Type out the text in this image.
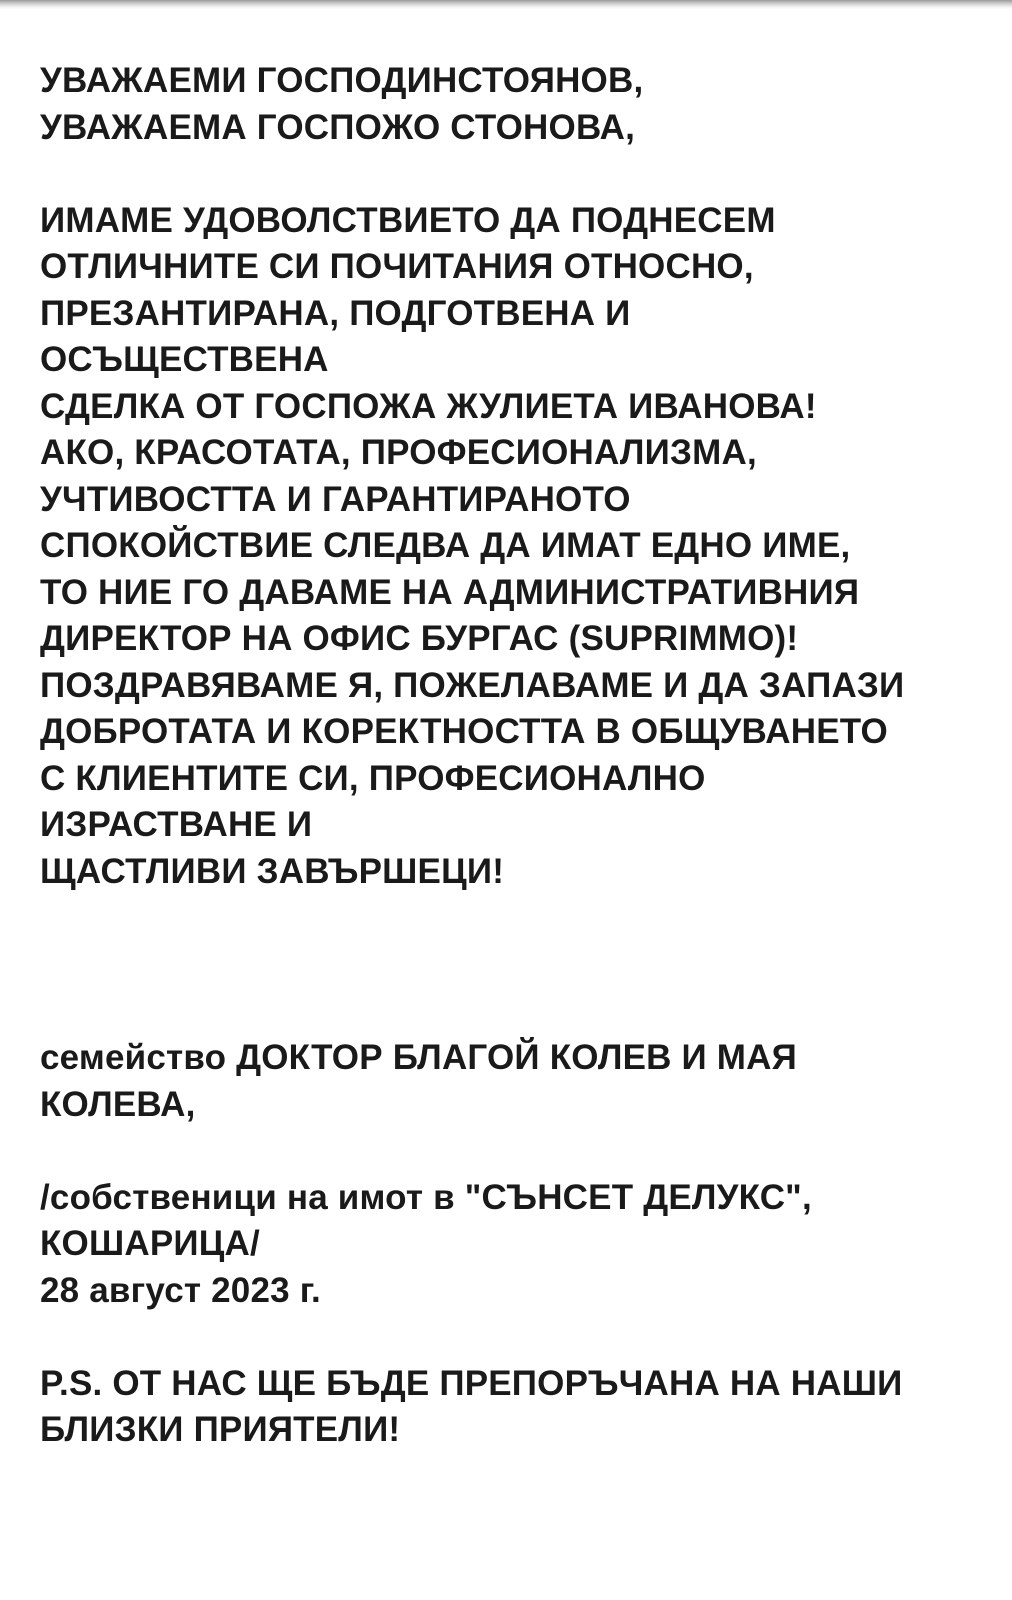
УВАЖАЕМИ ГОСПОДИНСТОЯНОВ,
УВАЖАЕМА ГОСПОЖО СТОНОВА,
ИМАМЕ УДОВОЛСТВИЕТО ДА ПОДНЕСЕМ
ОТЛИЧНИТЕ СИ ПОЧИТАНИЯ ОТНОСНО,
ПРЕЗАНТИРАНА, ПОДГОТВЕНА И
ОСЪЩЕСТВЕНА
СДЕЛКА ОТ ГОСПОЖА ЖУЛИЕТА ИВАНОВА!
АКО, КРАСОТАТА, ПРОФЕСИОНАЛИЗМА,
УЧТИВОСТТА И ГАРАНТИРАНОТО
СПОКОЙСТВИЕ СЛЕДВА ДА ИМАТ ЕДНО ИМЕ,
ТО НИЕ ГО ДАВАМЕ НА АДМИНИСТРАТИВНИЯ
ДИРЕКТОР НА ОФИС БУРГАС (SUPRIMMO)!
ПОЗДРАВЯВАМЕ Я, ПОЖЕЛАВАМЕ И ДА ЗАПАЗИ
ДОБРОТАТА И КОРЕКТНОСТТА В ОБЩУВАНЕТО
С КЛИЕНТИТЕ СИ, ПРОФЕСИОНАЛНО
ИЗРАСТВАНЕ И
ЩАСТЛИВИ ЗАВЪРШЕЦИ!
семейство ДОКТОР БЛАГОЙ КОЛЕВ И МАЯ
КОЛЕВА,
/собственици на имот в "СЪНСЕТ ДЕЛУКС",
КОШАРИЦА/
28 август 2023 г.
P.S. ОТ НАС ЩЕ БЪДЕ ПРЕПОРЪЧАНА НА НАШИ
БЛИЗКИ ПРИЯТЕЛИ!
